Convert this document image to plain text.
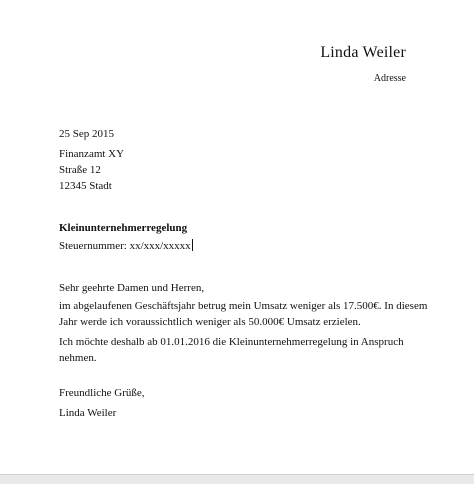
Linda Weiler
Adresse
25 Sep 2015
Finanzamt XY
Straße 12
12345 Stadt
Kleinunternehmerregelung
Steuernummer: xx/xxx/xxxxx
Sehr geehrte Damen und Herren,
im abgelaufenen Geschäftsjahr betrug mein Umsatz weniger als 17.500€. In diesem
Jahr werde ich voraussichtlich weniger als 50.000€ Umsatz erzielen.
Ich möchte deshalb ab 01.01.2016 die Kleinunternehmerregelung in Anspruch
nehmen.
Freundliche Grüße,
Linda Weiler
